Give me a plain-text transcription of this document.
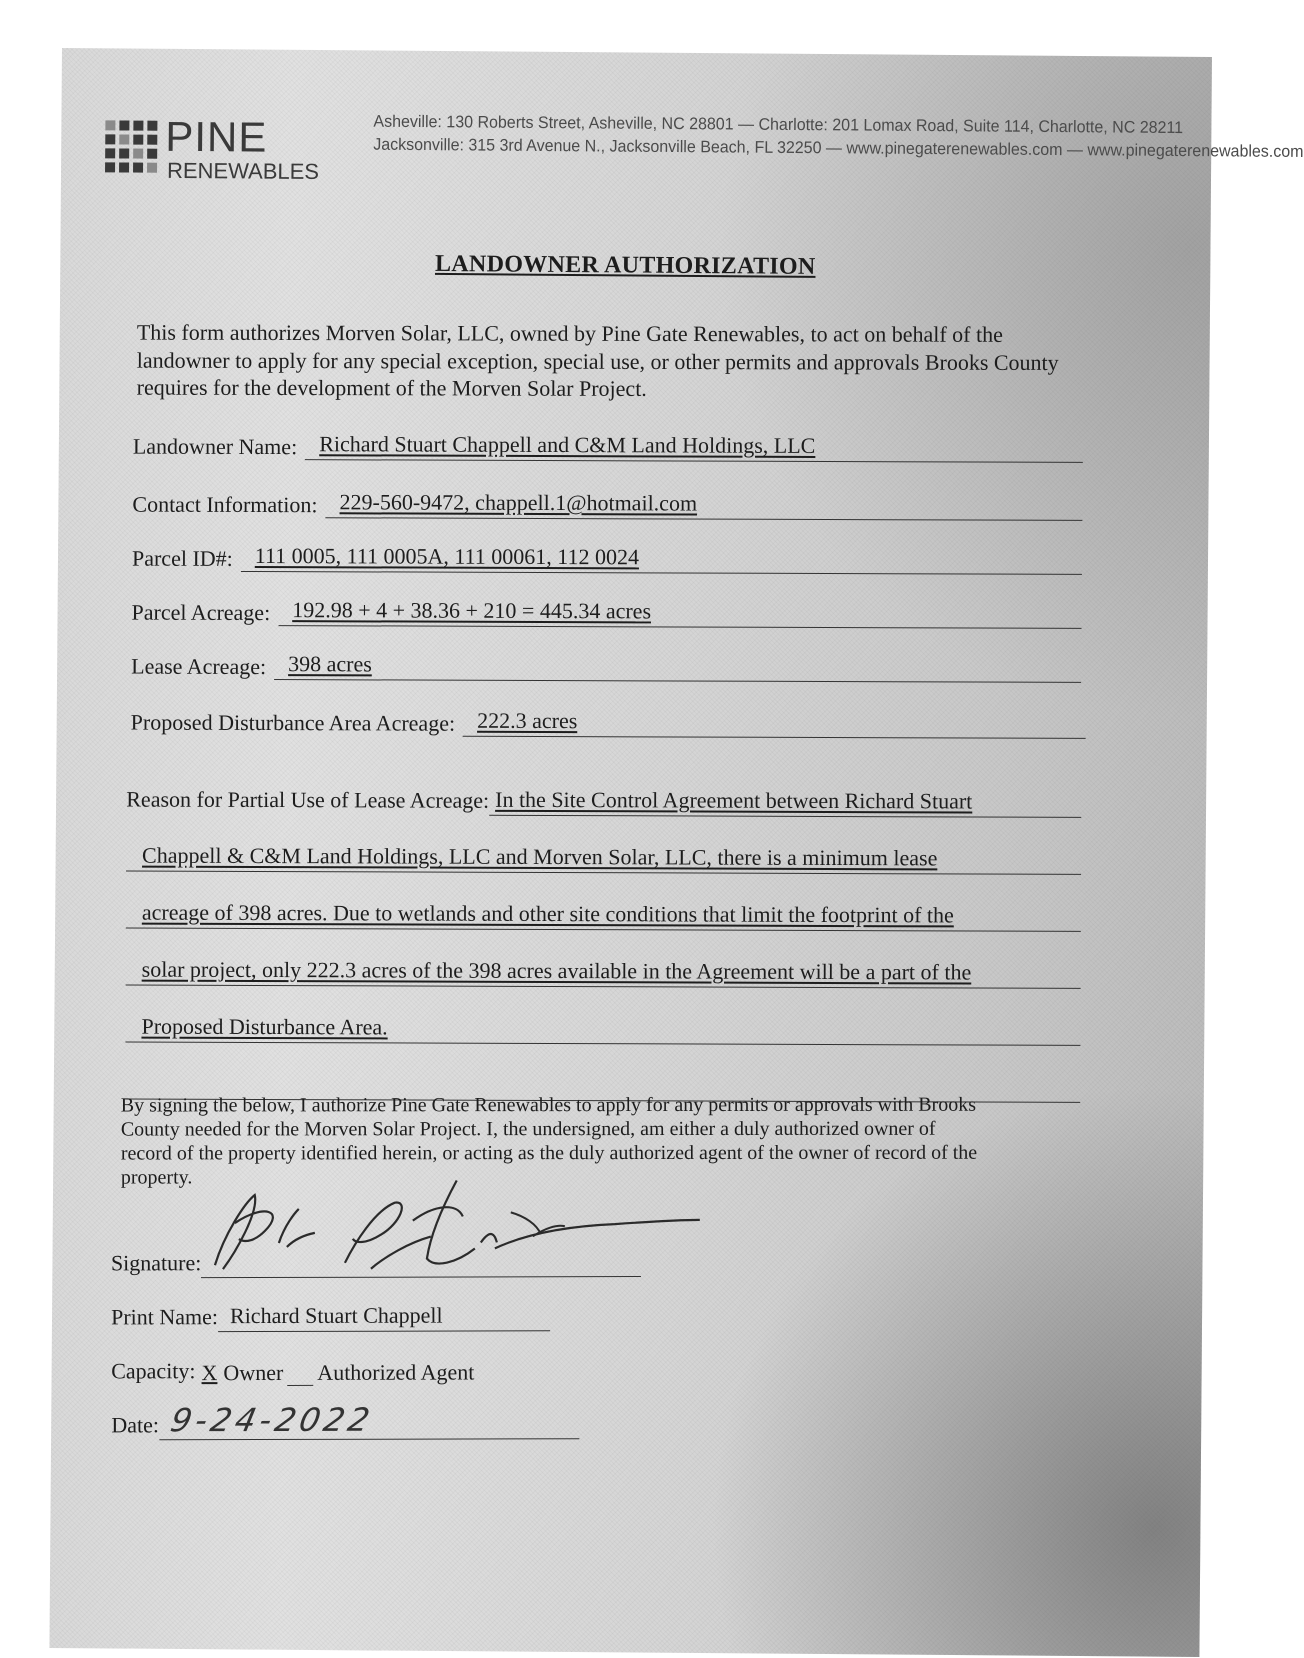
PINE
RENEWABLES
Asheville: 130 Roberts Street, Asheville, NC 28801 — Charlotte: 201 Lomax Road, Suite 114, Charlotte, NC 28211
Jacksonville: 315 3rd Avenue N., Jacksonville Beach, FL 32250 — www.pinegaterenewables.com — www.pinegaterenewables.com
LANDOWNER AUTHORIZATION
This form authorizes Morven Solar, LLC, owned by Pine Gate Renewables, to act on behalf of the landowner to apply for any special exception, special use, or other permits and approvals Brooks County requires for the development of the Morven Solar Project.
Landowner Name: Richard Stuart Chappell and C&M Land Holdings, LLC
Contact Information: 229-560-9472, chappell.1@hotmail.com
Parcel ID#: 111 0005, 111 0005A, 111 00061, 112 0024
Parcel Acreage: 192.98 + 4 + 38.36 + 210 = 445.34 acres
Lease Acreage: 398 acres
Proposed Disturbance Area Acreage: 222.3 acres
Reason for Partial Use of Lease Acreage: In the Site Control Agreement between Richard Stuart
Chappell & C&M Land Holdings, LLC and Morven Solar, LLC, there is a minimum lease
acreage of 398 acres. Due to wetlands and other site conditions that limit the footprint of the
solar project, only 222.3 acres of the 398 acres available in the Agreement will be a part of the
Proposed Disturbance Area.
By signing the below, I authorize Pine Gate Renewables to apply for any permits or approvals with Brooks County needed for the Morven Solar Project. I, the undersigned, am either a duly authorized owner of record of the property identified herein, or acting as the duly authorized agent of the owner of record of the property.
Signature:
Print Name: Richard Stuart Chappell
Capacity: X Owner Authorized Agent
Date: 9-24-2022
